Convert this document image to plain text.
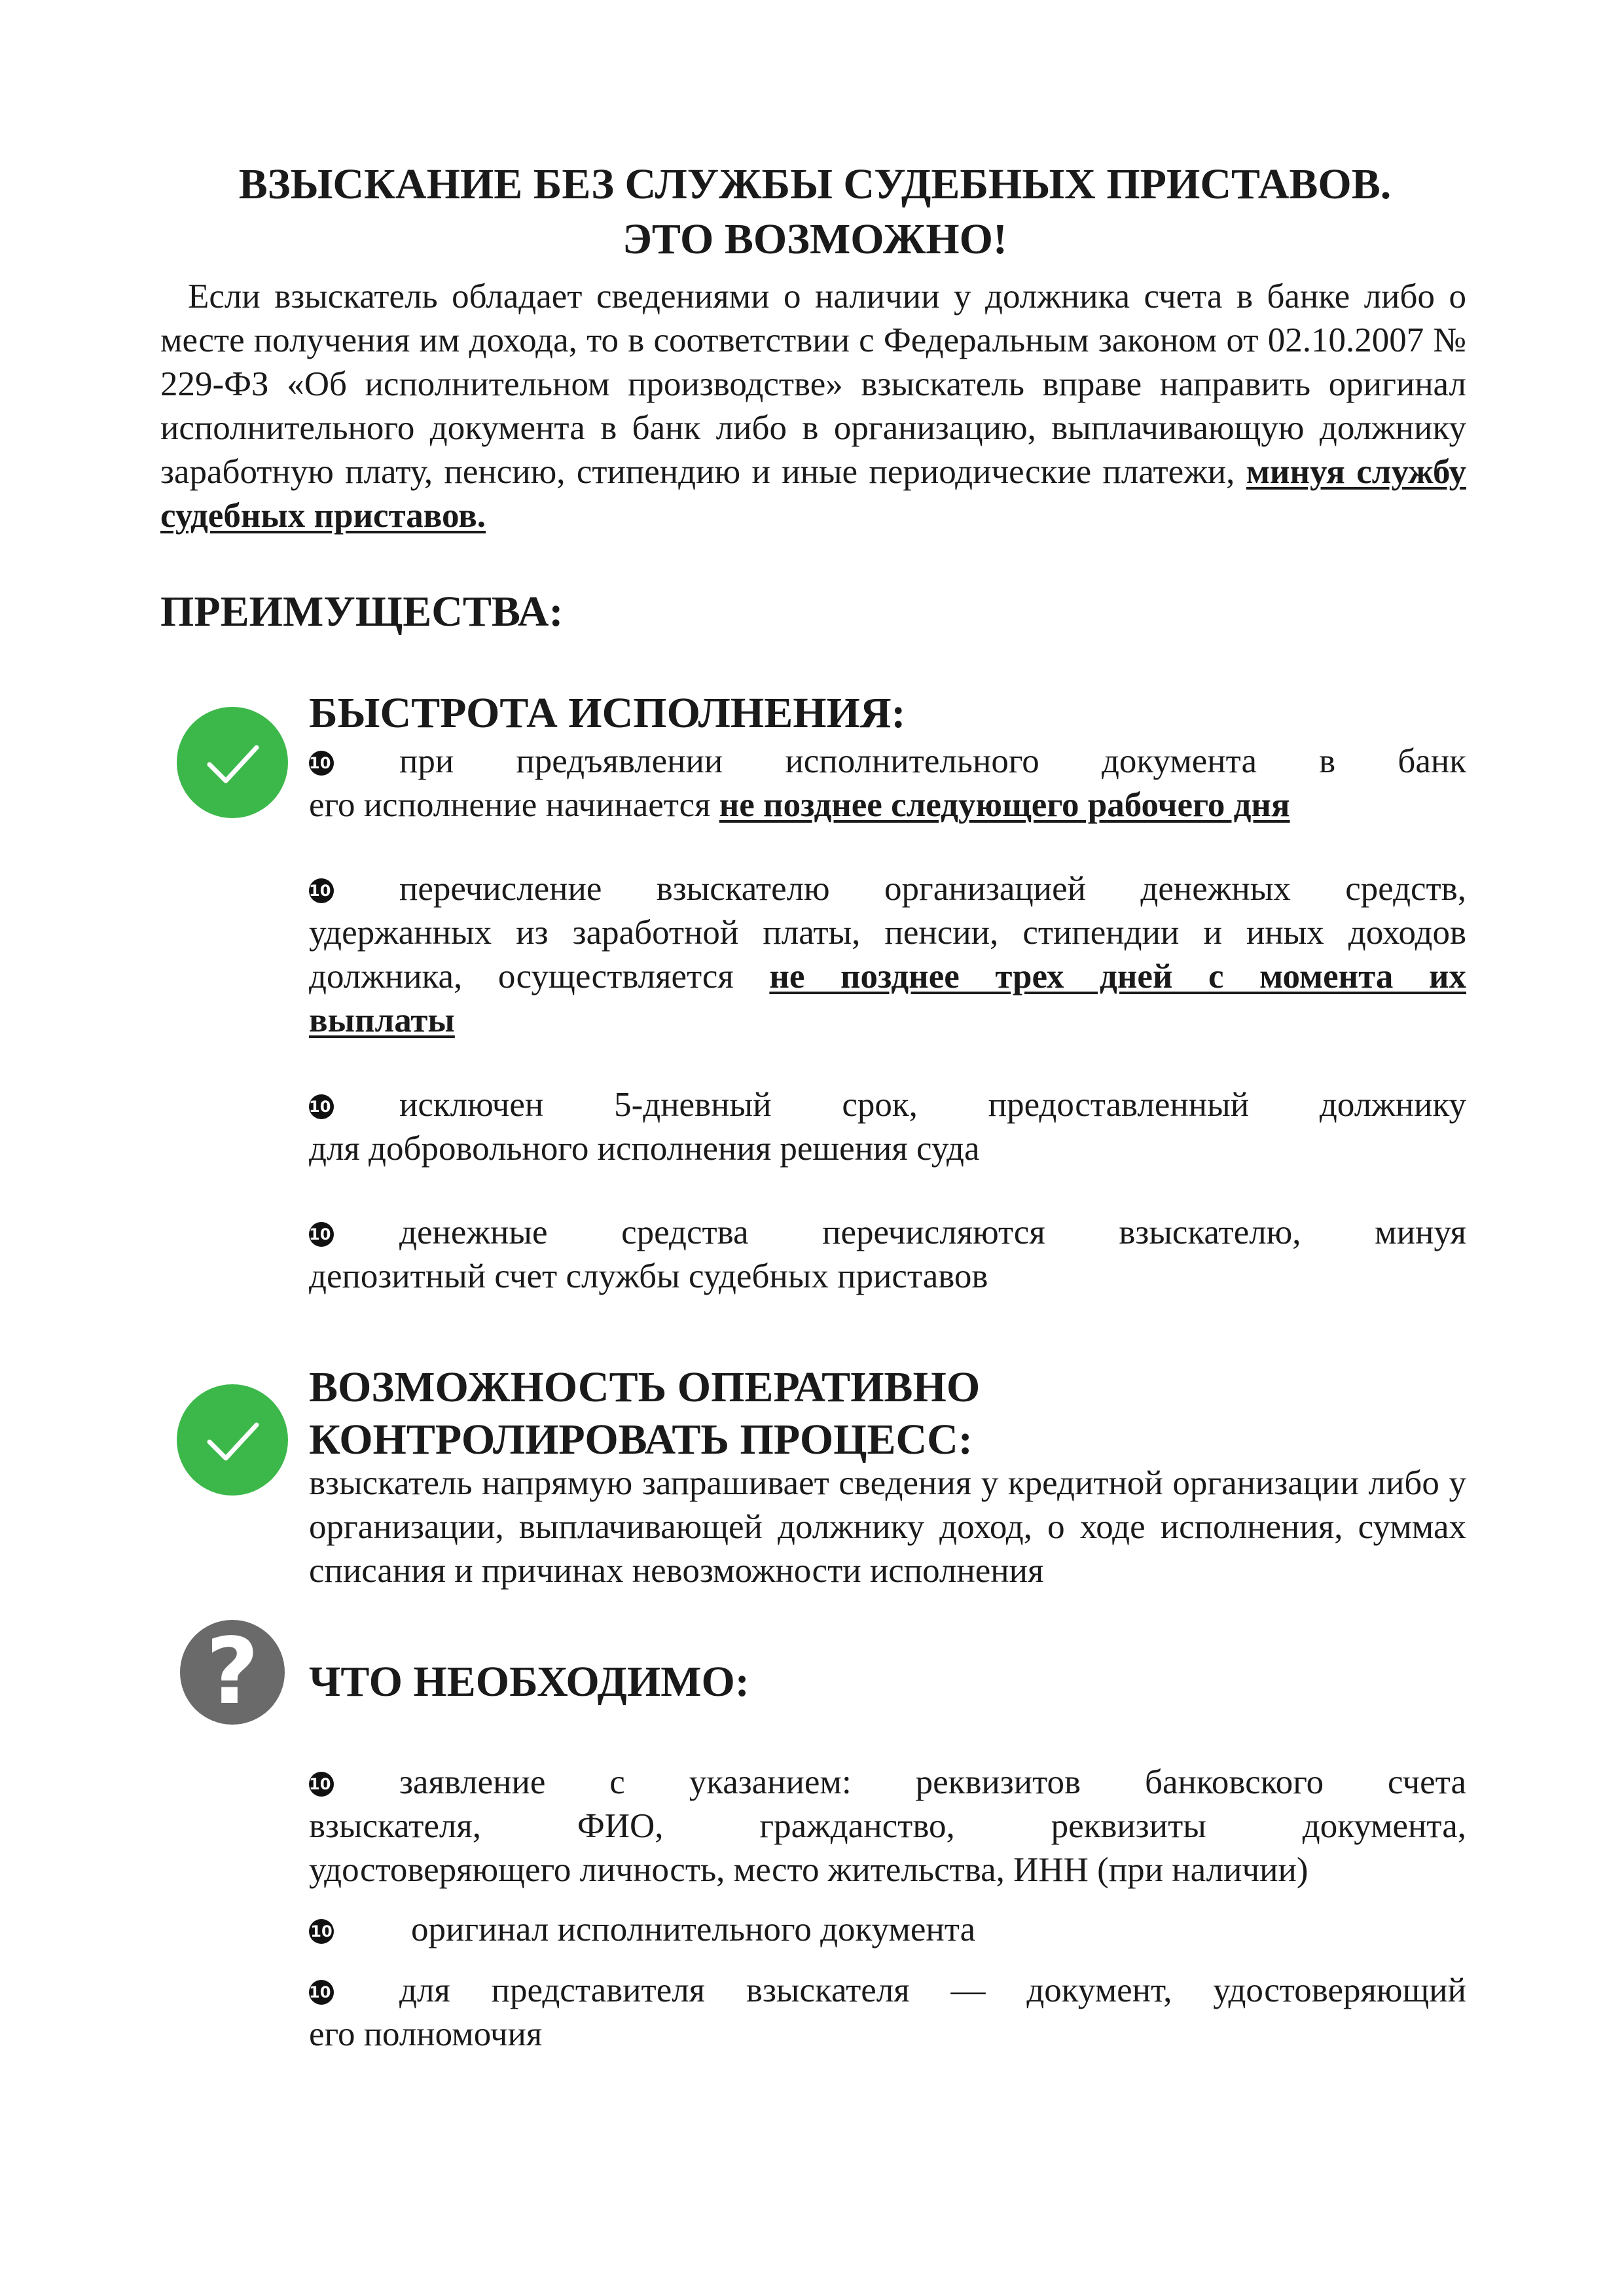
ВЗЫСКАНИЕ БЕЗ СЛУЖБЫ СУДЕБНЫХ ПРИСТАВОВ.
ЭТО ВОЗМОЖНО!

Если взыскатель обладает сведениями о наличии у должника счета в банке либо о месте получения им дохода, то в соответствии с Федеральным законом от 02.10.2007 № 229-ФЗ «Об исполнительном производстве» взыскатель вправе направить оригинал исполнительного документа в банк либо в организацию, выплачивающую должнику заработную плату, пенсию, стипендию и иные периодические платежи, минуя службу судебных приставов.

ПРЕИМУЩЕСТВА:
БЫСТРОТА ИСПОЛНЕНИЯ:
10 при предъявлении исполнительного документа в банк
его исполнение начинается не позднее следующего рабочего дня
10 перечисление взыскателю организацией денежных средств,
удержанных из заработной платы, пенсии, стипендии и иных доходов
должника, осуществляется не позднее трех дней с момента их
выплаты
10 исключен 5-дневный срок, предоставленный должнику
для добровольного исполнения решения суда
10 денежные средства перечисляются взыскателю, минуя
депозитный счет службы судебных приставов
ВОЗМОЖНОСТЬ ОПЕРАТИВНО
КОНТРОЛИРОВАТЬ ПРОЦЕСС:

взыскатель напрямую запрашивает сведения у кредитной организации либо у организации, выплачивающей должнику доход, о ходе исполнения, суммах списания и причинах невозможности исполнения

?	ЧТО НЕОБХОДИМО:
10 заявление с указанием: реквизитов банковского счета
взыскателя, ФИО, гражданство, реквизиты документа,
удостоверяющего личность, место жительства, ИНН (при наличии)
10 оригинал исполнительного документа
10 для представителя взыскателя — документ, удостоверяющий
его полномочия
